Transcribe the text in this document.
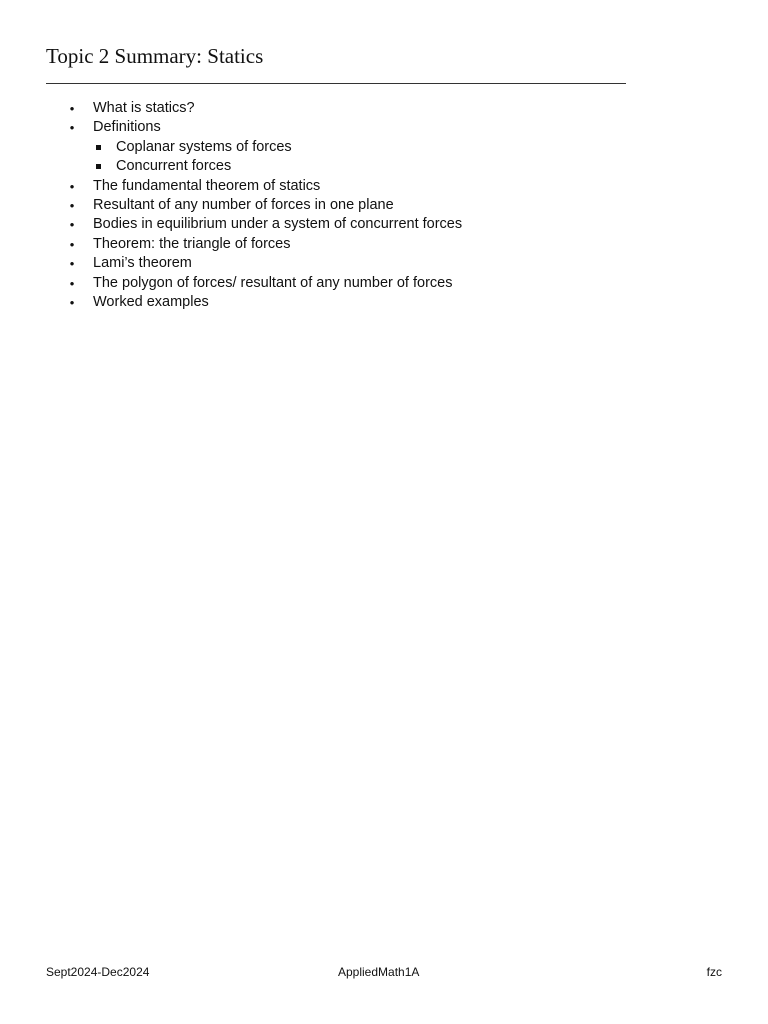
Topic 2 Summary: Statics
• What is statics?
• Definitions
Coplanar systems of forces
Concurrent forces
• The fundamental theorem of statics
• Resultant of any number of forces in one plane
• Bodies in equilibrium under a system of concurrent forces
• Theorem: the triangle of forces
• Lami’s theorem
• The polygon of forces/ resultant of any number of forces
• Worked examples
Sept2024-Dec2024	AppliedMath1A	fzc
